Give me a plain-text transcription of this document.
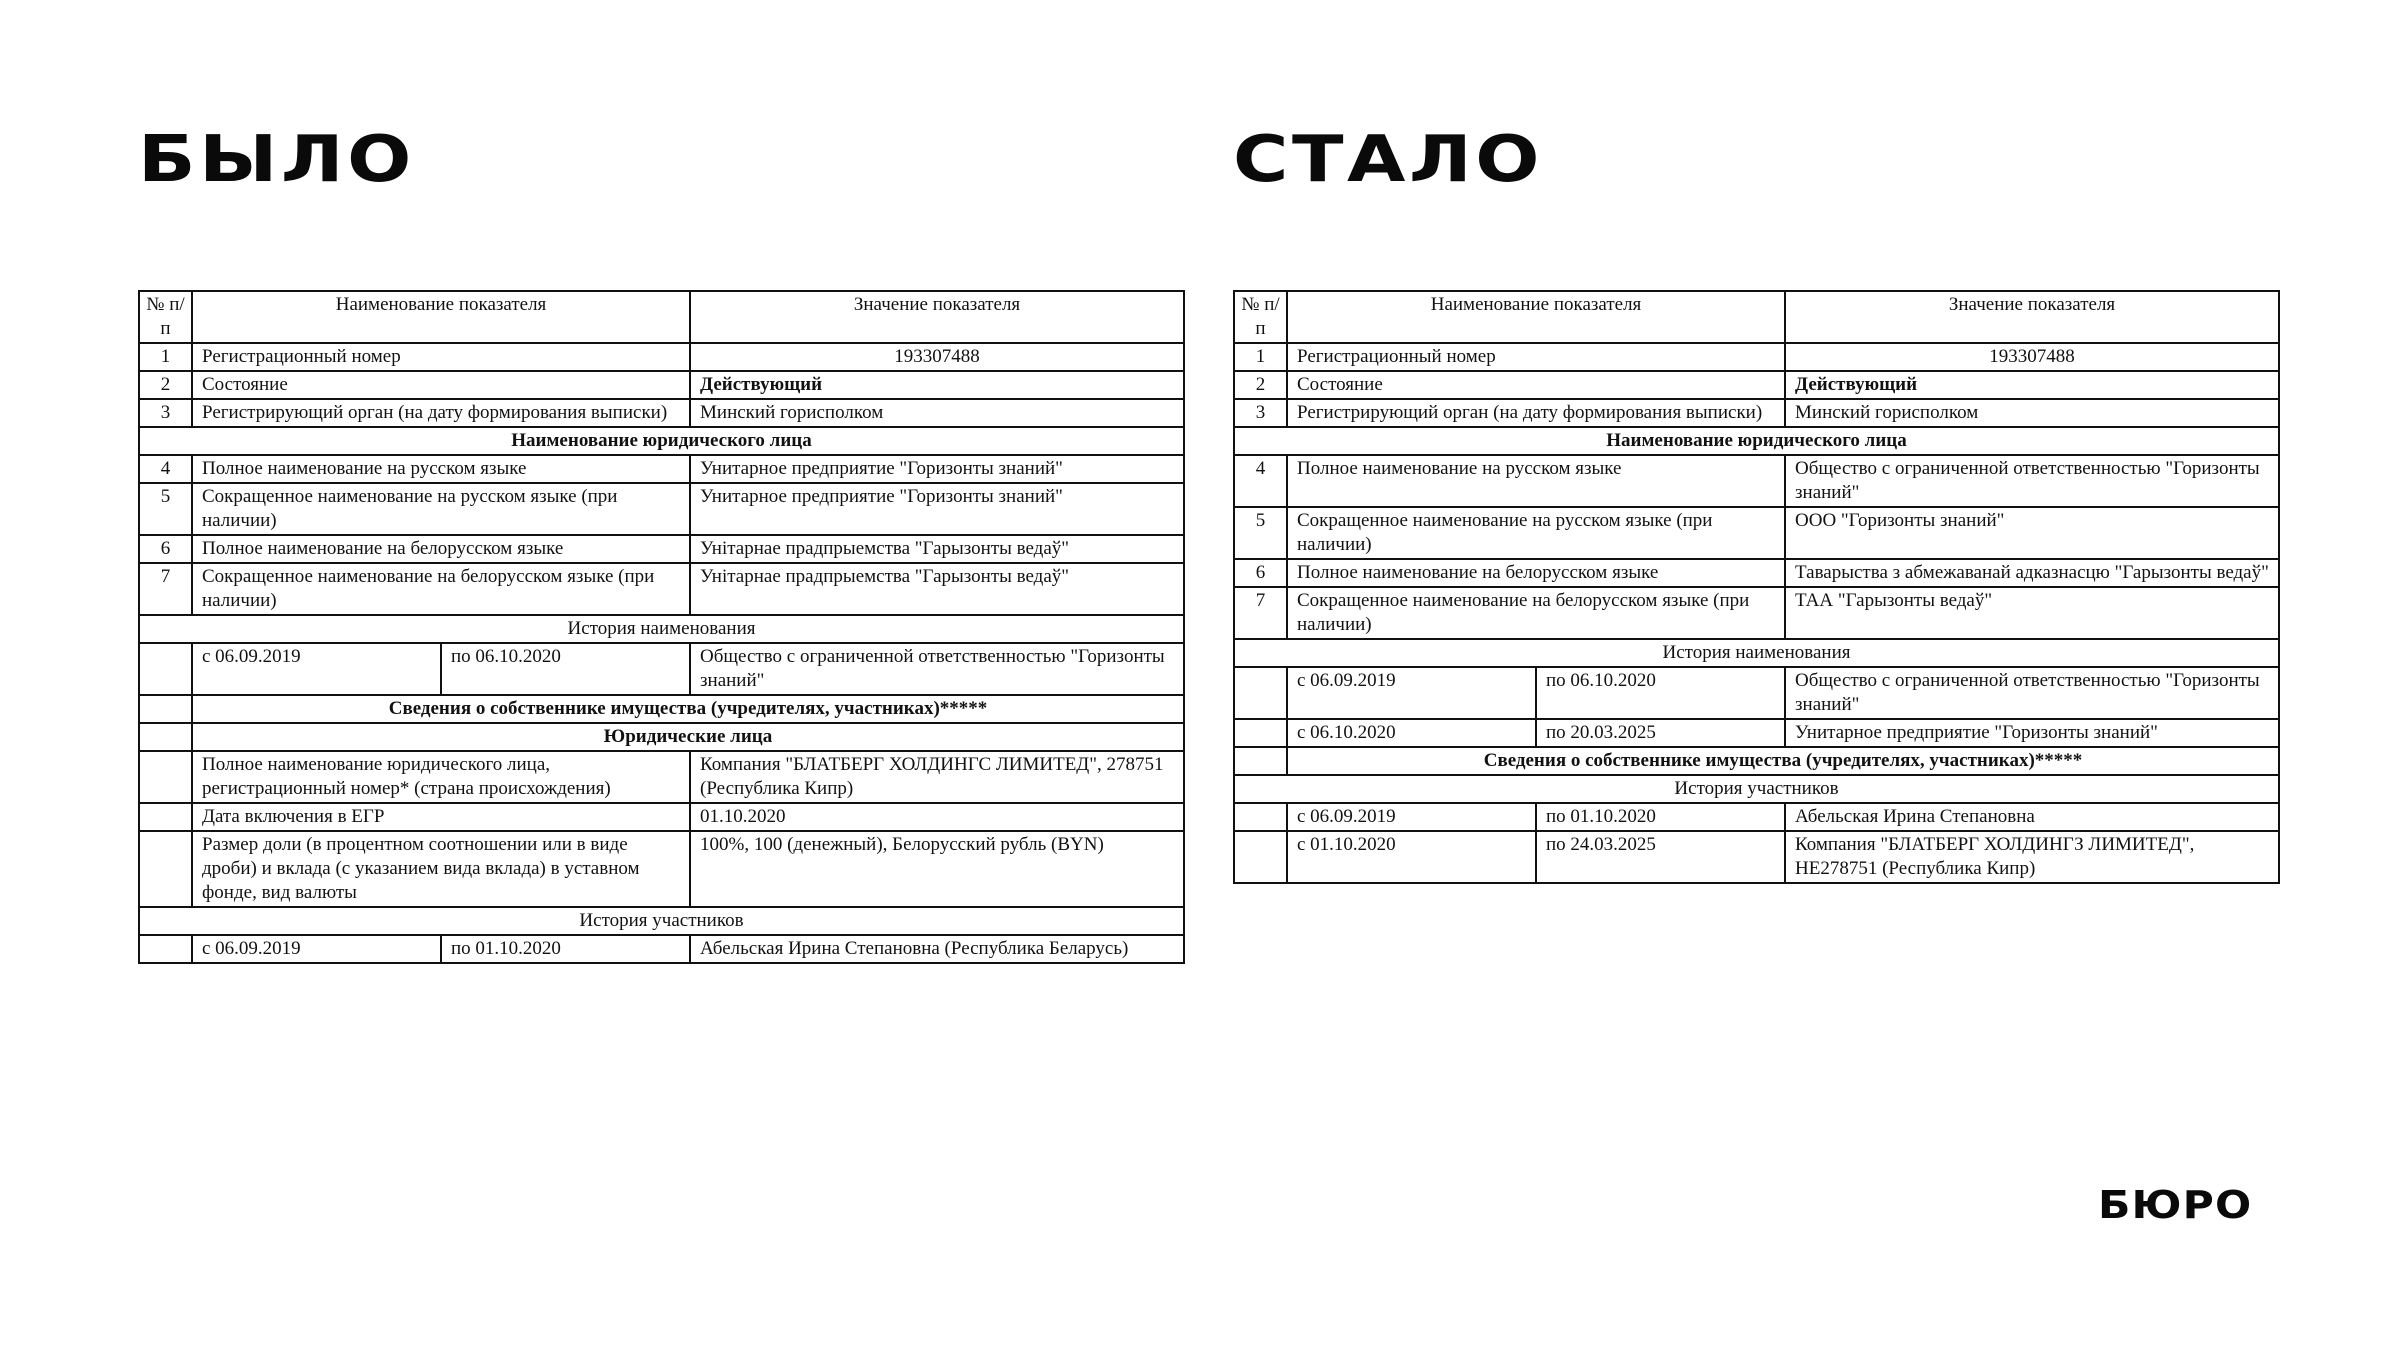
БЫЛО	СТАЛО
№ п/п	Наименование показателя		Значение показателя
1	Регистрационный номер		193307488
2	Состояние		Действующий
3	Регистрирующий орган (на дату формирования выписки)		Минский горисполком
Наименование юридического лица			
4	Полное наименование на русском языке		Унитарное предприятие "Горизонты знаний"
5	Сокращенное наименование на русском языке (при наличии)		Унитарное предприятие "Горизонты знаний"
6	Полное наименование на белорусском языке		Унітарнае прадпрыемства "Гарызонты ведаў"
7	Сокращенное наименование на белорусском языке (при наличии)		Унітарнае прадпрыемства "Гарызонты ведаў"
История наименования			
	с 06.09.2019	по 06.10.2020	Общество с ограниченной ответственностью "Горизонты знаний"
	Сведения о собственнике имущества (учредителях, участниках)*****		
	Юридические лица		
	Полное наименование юридического лица, регистрационный номер* (страна происхождения)		Компания "БЛАТБЕРГ ХОЛДИНГС ЛИМИТЕД", 278751 (Республика Кипр)
	Дата включения в ЕГР		01.10.2020
	Размер доли (в процентном соотношении или в виде дроби) и вклада (с указанием вида вклада) в уставном фонде, вид валюты		100%, 100 (денежный), Белорусский рубль (BYN)
История участников			
	с 06.09.2019	по 01.10.2020	Абельская Ирина Степановна (Республика Беларусь)
№ п/п	Наименование показателя		Значение показателя
1	Регистрационный номер		193307488
2	Состояние		Действующий
3	Регистрирующий орган (на дату формирования выписки)		Минский горисполком
Наименование юридического лица			
4	Полное наименование на русском языке		Общество с ограниченной ответственностью "Горизонты знаний"
5	Сокращенное наименование на русском языке (при наличии)		ООО "Горизонты знаний"
6	Полное наименование на белорусском языке		Таварыства з абмежаванай адказнасцю "Гарызонты ведаў"
7	Сокращенное наименование на белорусском языке (при наличии)		ТАА "Гарызонты ведаў"
История наименования			
	с 06.09.2019	по 06.10.2020	Общество с ограниченной ответственностью "Горизонты знаний"
	с 06.10.2020	по 20.03.2025	Унитарное предприятие "Горизонты знаний"
	Сведения о собственнике имущества (учредителях, участниках)*****		
История участников			
	с 06.09.2019	по 01.10.2020	Абельская Ирина Степановна
	с 01.10.2020	по 24.03.2025	Компания "БЛАТБЕРГ ХОЛДИНГЗ ЛИМИТЕД", НЕ278751 (Республика Кипр)
БЮРО
